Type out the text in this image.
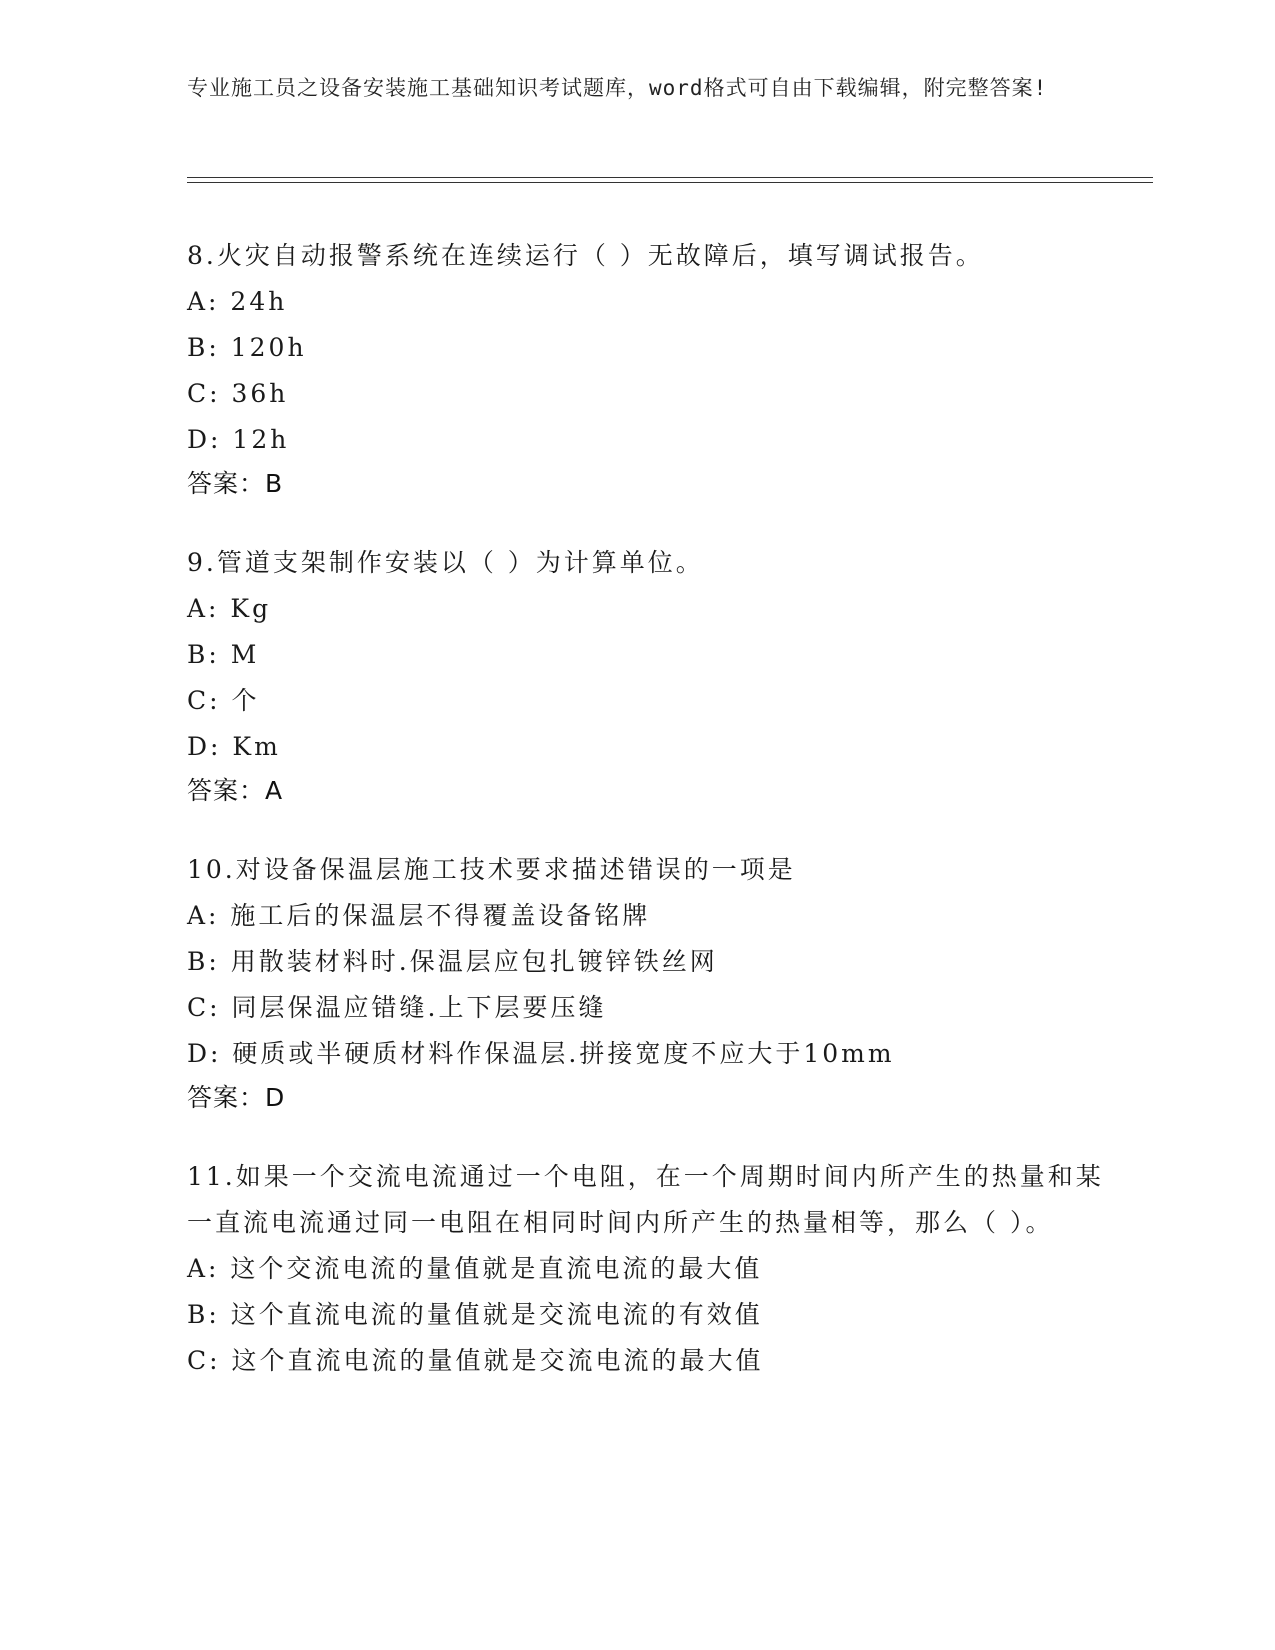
专业施工员之设备安装施工基础知识考试题库，word格式可自由下载编辑，附完整答案!
8.火灾自动报警系统在连续运行（ ）无故障后，填写调试报告。
A: 24h
B: 120h
C: 36h
D: 12h
答案：B
9.管道支架制作安装以（ ）为计算单位。
A: Kg
B: M
C: 个
D: Km
答案：A
10.对设备保温层施工技术要求描述错误的一项是
A: 施工后的保温层不得覆盖设备铭牌
B: 用散装材料时.保温层应包扎镀锌铁丝网
C: 同层保温应错缝.上下层要压缝
D: 硬质或半硬质材料作保温层.拼接宽度不应大于10mm
答案：D
11.如果一个交流电流通过一个电阻，在一个周期时间内所产生的热量和某一直流电流通过同一电阻在相同时间内所产生的热量相等，那么（ ）。
A: 这个交流电流的量值就是直流电流的最大值
B: 这个直流电流的量值就是交流电流的有效值
C: 这个直流电流的量值就是交流电流的最大值
